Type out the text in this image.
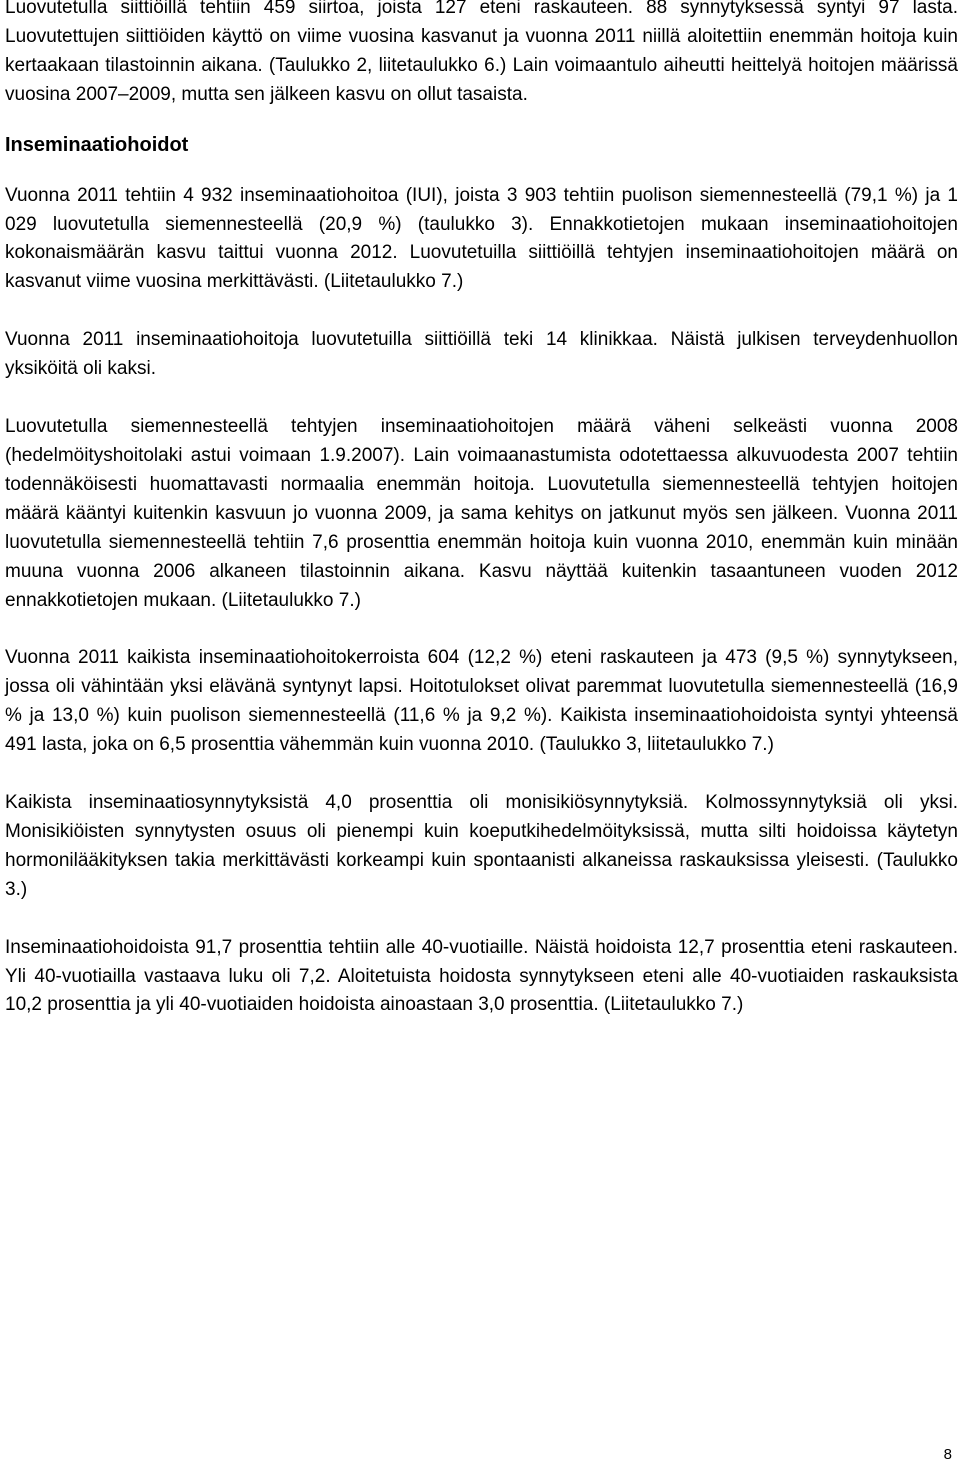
Luovutetulla siittiöillä tehtiin 459 siirtoa, joista 127 eteni raskauteen. 88 synnytyksessä syntyi 97 lasta. Luovutettujen siittiöiden käyttö on viime vuosina kasvanut ja vuonna 2011 niillä aloitettiin enemmän hoitoja kuin kertaakaan tilastoinnin aikana. (Taulukko 2, liitetaulukko 6.) Lain voimaantulo aiheutti heittelyä hoitojen määrissä vuosina 2007–2009, mutta sen jälkeen kasvu on ollut tasaista.

Inseminaatiohoidot

Vuonna 2011 tehtiin 4 932 inseminaatiohoitoa (IUI), joista 3 903 tehtiin puolison siemennesteellä (79,1 %) ja 1 029 luovutetulla siemennesteellä (20,9 %) (taulukko 3). Ennakkotietojen mukaan inseminaatiohoitojen kokonaismäärän kasvu taittui vuonna 2012. Luovutetuilla siittiöillä tehtyjen inseminaatiohoitojen määrä on kasvanut viime vuosina merkittävästi. (Liitetaulukko 7.)

Vuonna 2011 inseminaatiohoitoja luovutetuilla siittiöillä teki 14 klinikkaa. Näistä julkisen terveydenhuollon yksiköitä oli kaksi.

Luovutetulla siemennesteellä tehtyjen inseminaatiohoitojen määrä väheni selkeästi vuonna 2008 (hedelmöityshoitolaki astui voimaan 1.9.2007). Lain voimaanastumista odotettaessa alkuvuodesta 2007 tehtiin todennäköisesti huomattavasti normaalia enemmän hoitoja. Luovutetulla siemennesteellä tehtyjen hoitojen määrä kääntyi kuitenkin kasvuun jo vuonna 2009, ja sama kehitys on jatkunut myös sen jälkeen. Vuonna 2011 luovutetulla siemennesteellä tehtiin 7,6 prosenttia enemmän hoitoja kuin vuonna 2010, enemmän kuin minään muuna vuonna 2006 alkaneen tilastoinnin aikana. Kasvu näyttää kuitenkin tasaantuneen vuoden 2012 ennakkotietojen mukaan. (Liitetaulukko 7.)

Vuonna 2011 kaikista inseminaatiohoitokerroista 604 (12,2 %) eteni raskauteen ja 473 (9,5 %) synnytykseen, jossa oli vähintään yksi elävänä syntynyt lapsi. Hoitotulokset olivat paremmat luovutetulla siemennesteellä (16,9 % ja 13,0 %) kuin puolison siemennesteellä (11,6 % ja 9,2 %). Kaikista inseminaatiohoidoista syntyi yhteensä 491 lasta, joka on 6,5 prosenttia vähemmän kuin vuonna 2010. (Taulukko 3, liitetaulukko 7.)

Kaikista inseminaatiosynnytyksistä 4,0 prosenttia oli monisikiösynnytyksiä. Kolmossynnytyksiä oli yksi. Monisikiöisten synnytysten osuus oli pienempi kuin koeputkihedelmöityksissä, mutta silti hoidoissa käytetyn hormonilääkityksen takia merkittävästi korkeampi kuin spontaanisti alkaneissa raskauksissa yleisesti. (Taulukko 3.)

Inseminaatiohoidoista 91,7 prosenttia tehtiin alle 40-vuotiaille. Näistä hoidoista 12,7 prosenttia eteni raskauteen. Yli 40-vuotiailla vastaava luku oli 7,2. Aloitetuista hoidosta synnytykseen eteni alle 40-vuotiaiden raskauksista 10,2 prosenttia ja yli 40-vuotiaiden hoidoista ainoastaan 3,0 prosenttia. (Liitetaulukko 7.)

8
